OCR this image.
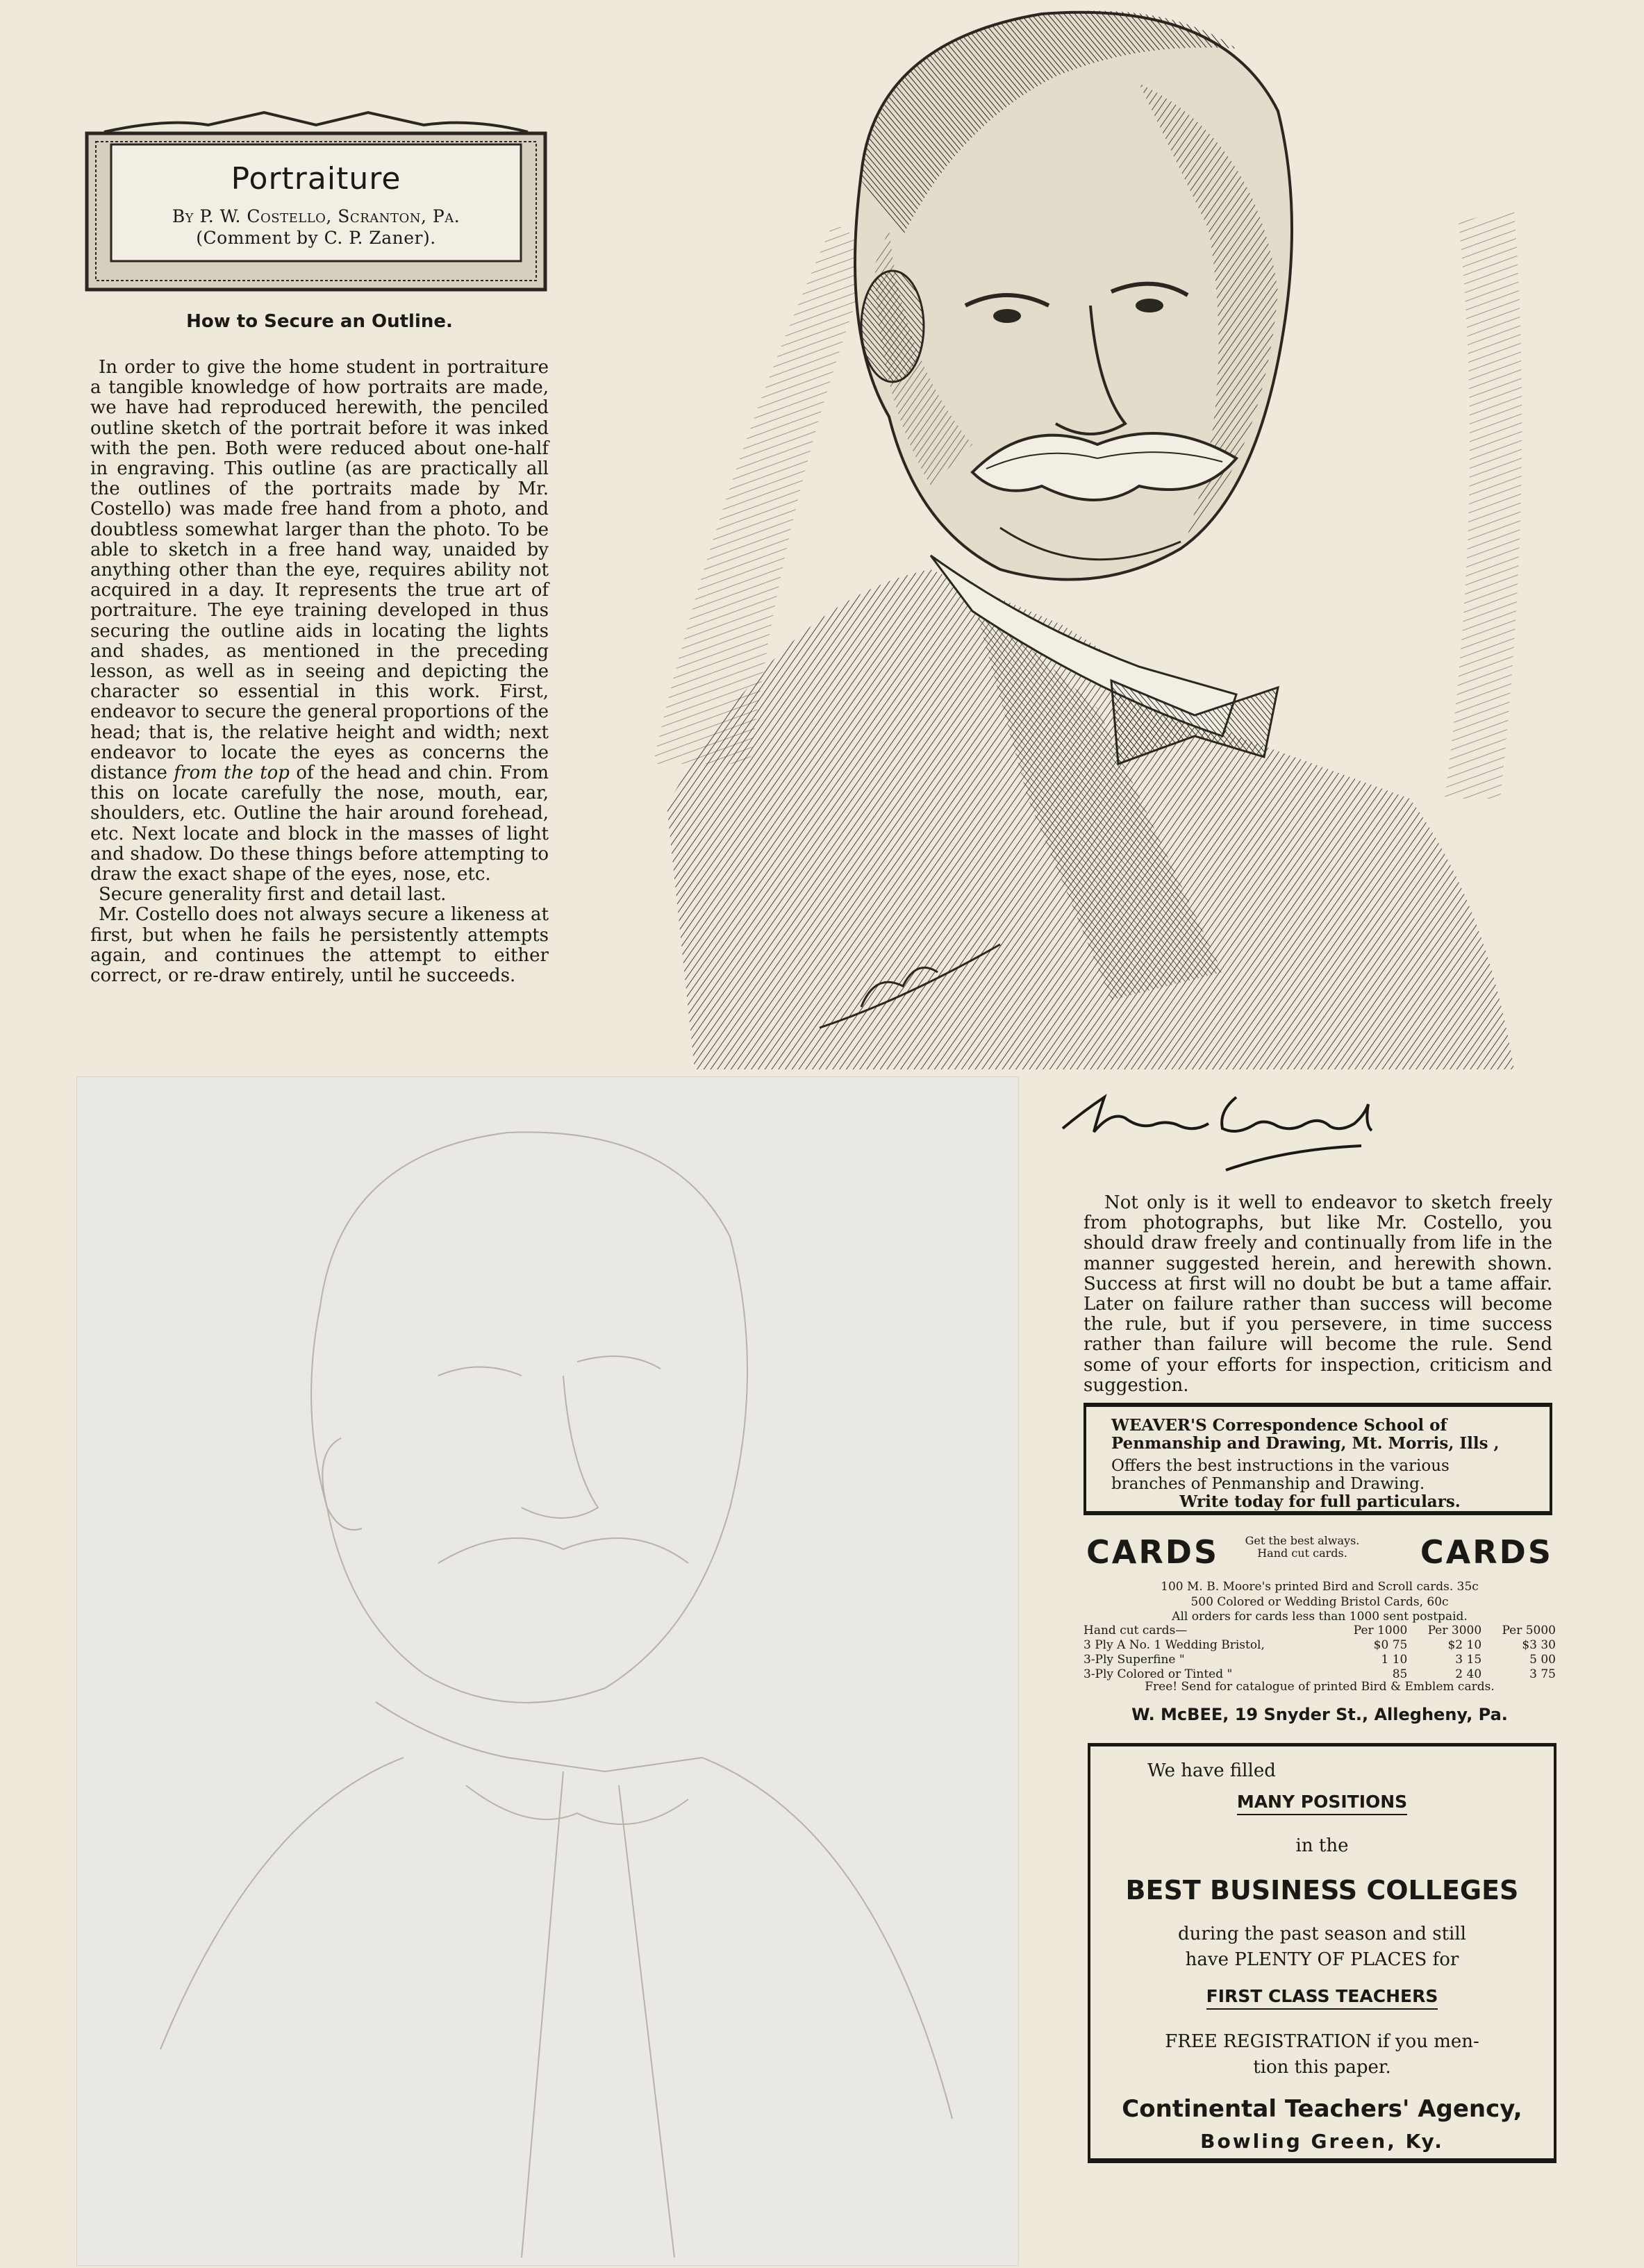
Portraiture
By P. W. Costello, Scranton, Pa.
(Comment by C. P. Zaner).
How to Secure an Outline.

In order to give the home student in portraiture a tangible knowledge of how portraits are made, we have had reproduced herewith, the penciled outline sketch of the portrait before it was inked with the pen. Both were reduced about one-half in engraving. This outline (as are practically all the outlines of the portraits made by Mr. Costello) was made free hand from a photo, and doubtless somewhat larger than the photo. To be able to sketch in a free hand way, unaided by anything other than the eye, requires ability not acquired in a day. It represents the true art of portraiture. The eye training developed in thus securing the outline aids in locating the lights and shades, as mentioned in the preceding lesson, as well as in seeing and depicting the character so essential in this work. First, endeavor to secure the general proportions of the head; that is, the relative height and width; next endeavor to locate the eyes as concerns the distance from the top of the head and chin. From this on locate carefully the nose, mouth, ear, shoulders, etc. Outline the hair around forehead, etc. Next locate and block in the masses of light and shadow. Do these things before attempting to draw the exact shape of the eyes, nose, etc.

Secure generality first and detail last.

Mr. Costello does not always secure a likeness at first, but when he fails he persistently attempts again, and continues the attempt to either correct, or re-draw entirely, until he succeeds.

Not only is it well to endeavor to sketch freely from photographs, but like Mr. Costello, you should draw freely and continually from life in the manner suggested herein, and herewith shown. Success at first will no doubt be but a tame affair. Later on failure rather than success will become the rule, but if you persevere, in time success rather than failure will become the rule. Send some of your efforts for inspection, criticism and suggestion.

WEAVER'S Correspondence School of Penmanship and Drawing, Mt. Morris, Ills ,
Offers the best instructions in the various branches of Penmanship and Drawing.
Write today for full particulars.
CARDS	Get the best always. Hand cut cards.	CARDS
100 M. B. Moore's printed Bird and Scroll cards. 35c
500 Colored or Wedding Bristol Cards, 60c
All orders for cards less than 1000 sent postpaid.
Hand cut cards—	Per 1000	Per 3000	Per 5000
3 Ply A No. 1 Wedding Bristol,	$0 75	$2 10	$3 30
3-Ply Superfine "	1 10	3 15	5 00
3-Ply Colored or Tinted "	85	2 40	3 75
Free! Send for catalogue of printed Bird & Emblem cards.
W. McBEE, 19 Snyder St., Allegheny, Pa.
We have filled
MANY POSITIONS
in the
BEST BUSINESS COLLEGES
during the past season and still
have PLENTY OF PLACES for
FIRST CLASS TEACHERS
FREE REGISTRATION if you men-
tion this paper.
Continental Teachers' Agency,
Bowling Green, Ky.
